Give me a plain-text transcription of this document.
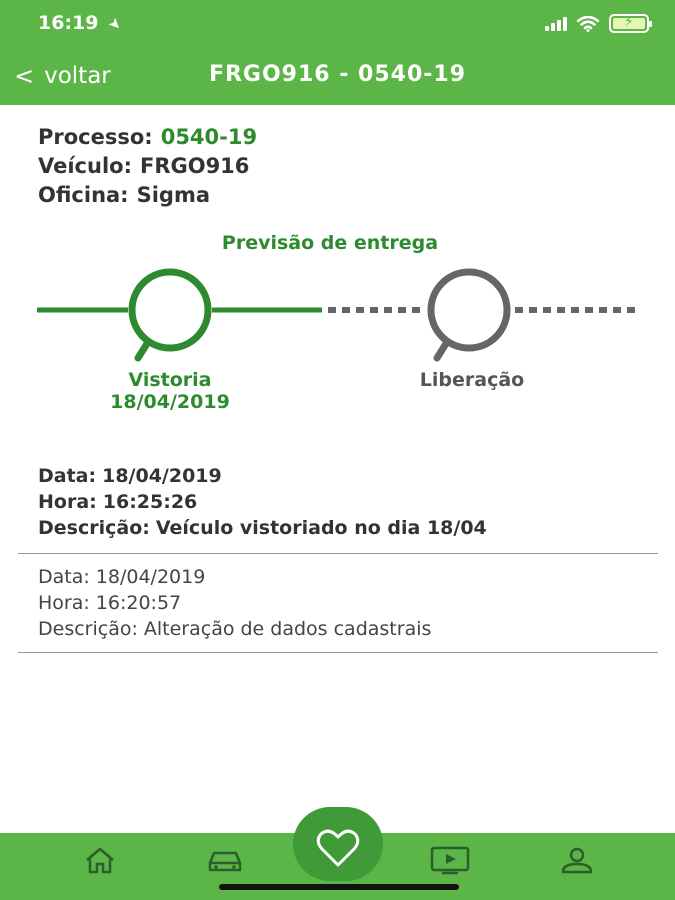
16:19 ➤	⚡
< voltar	FRGO916 - 0540-19
Processo: 0540-19
Veículo: FRGO916
Oficina: Sigma
Previsão de entrega
Vistoria
18/04/2019
Liberação
Data: 18/04/2019
Hora: 16:25:26
Descrição: Veículo vistoriado no dia 18/04
Data: 18/04/2019
Hora: 16:20:57
Descrição: Alteração de dados cadastrais
